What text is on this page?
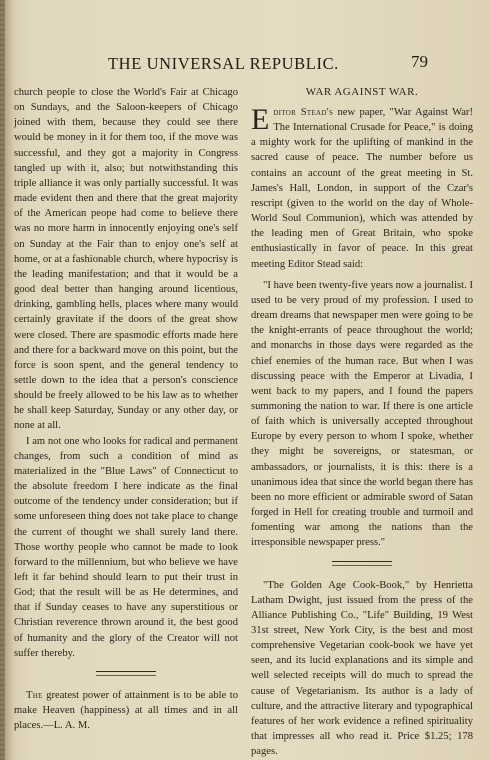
THE UNIVERSAL REPUBLIC.	79

church people to close the World's Fair at Chicago on Sundays, and the Saloon-keepers of Chicago joined with them, because they could see there would be money in it for them too, if the move was successful, and they got a majority in Congress tangled up with it, also; but notwithstanding this triple alliance it was only partially successful. It was made evident then and there that the great majority of the American peope had come to believe there was no more harm in innocently enjoying one's self on Sunday at the Fair than to enjoy one's self at home, or at a fashionable church, where hypocrisy is the leading manifestation; and that it would be a good deal better than hanging around licentious, drinking, gambling hells, places where many would certainly gravitate if the doors of the great show were closed. There are spasmodic efforts made here and there for a backward move on this point, but the force is soon spent, and the general tendency to settle down to the idea that a person's conscience should be freely allowed to be his law as to whether he shall keep Saturday, Sunday or any other day, or none at all.

I am not one who looks for radical and permanent changes, from such a condition of mind as materialized in the "Blue Laws" of Connecticut to the absolute freedom I here indicate as the final outcome of the tendency under consideration; but if some unforeseen thing does not take place to change the current of thought we shall surely land there. Those worthy people who cannot be made to look forward to the millennium, but who believe we have left it far behind should learn to put their trust in God; that the result will be as He determines, and that if Sunday ceases to have any superstitious or Christian reverence thrown around it, the best good of humanity and the glory of the Creator will not suffer thereby.

The greatest power of attainment is to be able to make Heaven (happiness) at all times and in all places.—L. A. M.

WAR AGAINST WAR.

Editor Stead's new paper, "War Against War! The International Crusade for Peace," is doing a mighty work for the uplifting of mankind in the sacred cause of peace. The number before us contains an account of the great meeting in St. James's Hall, London, in support of the Czar's rescript (given to the world on the day of Whole-World Soul Communion), which was attended by the leading men of Great Britain, who spoke enthusiastically in favor of peace. In this great meeting Editor Stead said:

"I have been twenty-five years now a journalist. I used to be very proud of my profession. I used to dream dreams that newspaper men were going to be the knight-errants of peace throughout the world; and monarchs in those days were regarded as the chief enemies of the human race. But when I was discussing peace with the Emperor at Livadia, I went back to my papers, and I found the papers summoning the nation to war. If there is one article of faith which is universally accepted throughout Europe by every person to whom I spoke, whether they might be sovereigns, or statesman, or ambassadors, or journalists, it is this: there is a unanimous idea that since the world began there has been no more efficient or admirable sword of Satan forged in Hell for creating trouble and turmoil and fomenting war among the nations than the irresponsible newspaper press."

"The Golden Age Cook-Book," by Henrietta Latham Dwight, just issued from the press of the Alliance Publishing Co., "Life" Building, 19 West 31st street, New York City, is the best and most comprehensive Vegetarian cook-book we have yet seen, and its lucid explanations and its simple and well selected receipts will do much to spread the cause of Vegetarianism. Its author is a lady of culture, and the attractive literary and typographical features of her work evidence a refined spirituality that impresses all who read it. Price $1.25; 178 pages.
